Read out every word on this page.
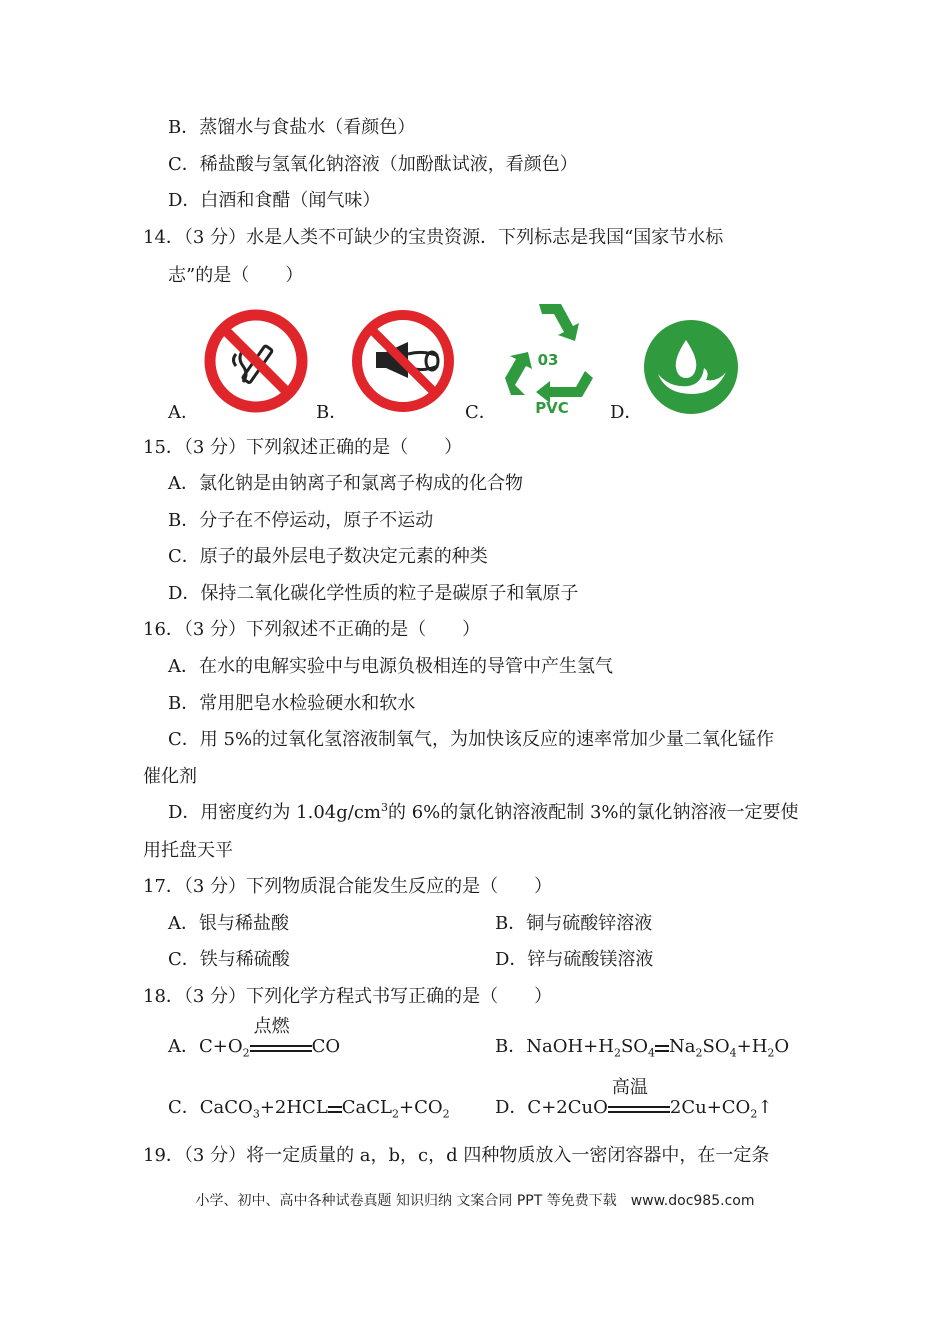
B．蒸馏水与食盐水（看颜色）
C．稀盐酸与氢氧化钠溶液（加酚酞试液，看颜色）
D．白酒和食醋（闻气味）
14．（3 分）水是人类不可缺少的宝贵资源．下列标志是我国“国家节水标
志”的是（　　）
A．	B．	C．	D．
03
PVC
15．（3 分）下列叙述正确的是（　　）
A．氯化钠是由钠离子和氯离子构成的化合物
B．分子在不停运动，原子不运动
C．原子的最外层电子数决定元素的种类
D．保持二氧化碳化学性质的粒子是碳原子和氧原子
16．（3 分）下列叙述不正确的是（　　）
A．在水的电解实验中与电源负极相连的导管中产生氢气
B．常用肥皂水检验硬水和软水
C．用 5%的过氧化氢溶液制氧气，为加快该反应的速率常加少量二氧化锰作
催化剂
D．用密度约为 $1.04g/cm^3$的 6%的氯化钠溶液配制 3%的氯化钠溶液一定要使
用托盘天平
17．（3 分）下列物质混合能发生反应的是（　　）
A．银与稀盐酸	B．铜与硫酸锌溶液
C．铁与稀硫酸	D．锌与硫酸镁溶液
18．（3 分）下列化学方程式书写正确的是（　　）
A．$C+O_2$
点燃
CO	B．$NaOH+H_2SO_4$ $Na_2SO_4+H_2O$
C．CaCO$_3$+2HCL $CaCL_2+CO_2$	D．C+2CuO
高温
$2Cu+CO_2↑$
19．（3 分）将一定质量的 a，b，c，d 四种物质放入一密闭容器中，在一定条
小学、初中、高中各种试卷真题 知识归纳 文案合同 PPT 等免费下载　www.doc985.com
